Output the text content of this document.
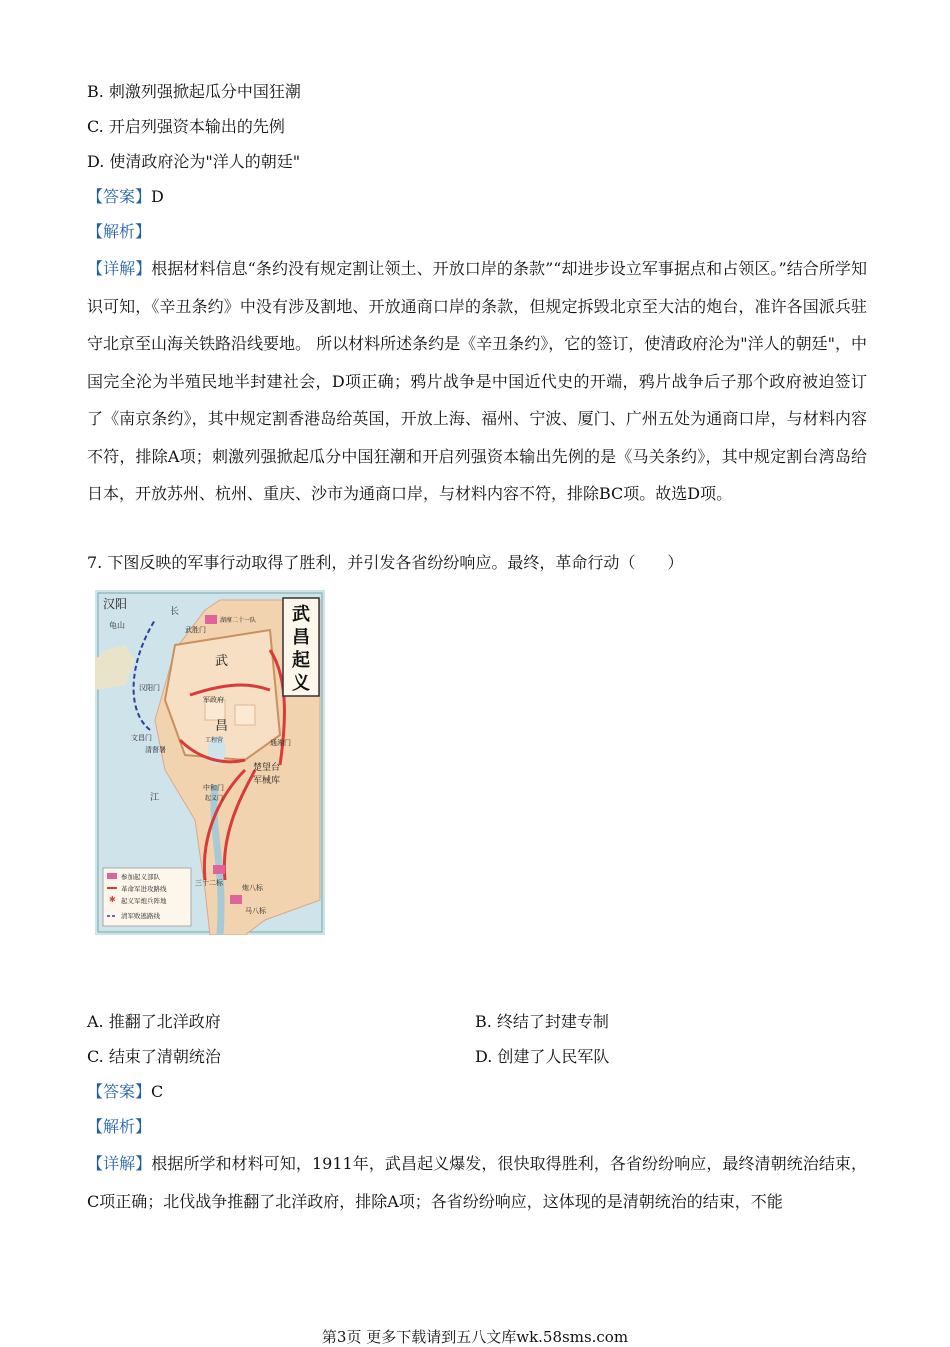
B. 刺激列强掀起瓜分中国狂潮
C. 开启列强资本输出的先例
D. 使清政府沦为"洋人的朝廷"
【答案】D
【解析】
【详解】根据材料信息“条约没有规定割让领土、开放口岸的条款”“却进步设立军事据点和占领区。”结合所学知识可知，《辛丑条约》中没有涉及割地、开放通商口岸的条款，但规定拆毁北京至大沽的炮台，准许各国派兵驻守北京至山海关铁路沿线要地。 所以材料所述条约是《辛丑条约》，它的签订，使清政府沦为"洋人的朝廷"，中国完全沦为半殖民地半封建社会，D项正确；鸦片战争是中国近代史的开端，鸦片战争后子那个政府被迫签订了《南京条约》，其中规定割香港岛给英国，开放上海、福州、宁波、厦门、广州五处为通商口岸，与材料内容不符，排除A项；刺激列强掀起瓜分中国狂潮和开启列强资本输出先例的是《马关条约》，其中规定割台湾岛给日本，开放苏州、杭州、重庆、沙市为通商口岸，与材料内容不符，排除BC项。故选D项。
7. 下图反映的军事行动取得了胜利，并引发各省纷纷响应。最终，革命行动（　　）
汉阳
龟山
长
江
武胜门
湖廑二十一队
武
汉阳门
军政府
昌
文昌门
清督署
工程营	通湘门
楚望台
军械库
中和门
起义门
三十二标
炮八标
马八标
武
昌
起
义
✱
参加起义部队
革命军进攻路线
起义军炮兵阵地
清军败逃路线
A. 推翻了北洋政府	B. 终结了封建专制
C. 结束了清朝统治	D. 创建了人民军队
【答案】C
【解析】
【详解】根据所学和材料可知，1911年，武昌起义爆发，很快取得胜利，各省纷纷响应，最终清朝统治结束，C项正确；北伐战争推翻了北洋政府，排除A项；各省纷纷响应，这体现的是清朝统治的结束，不能
第3页 更多下载请到五八文库wk.58sms.com
